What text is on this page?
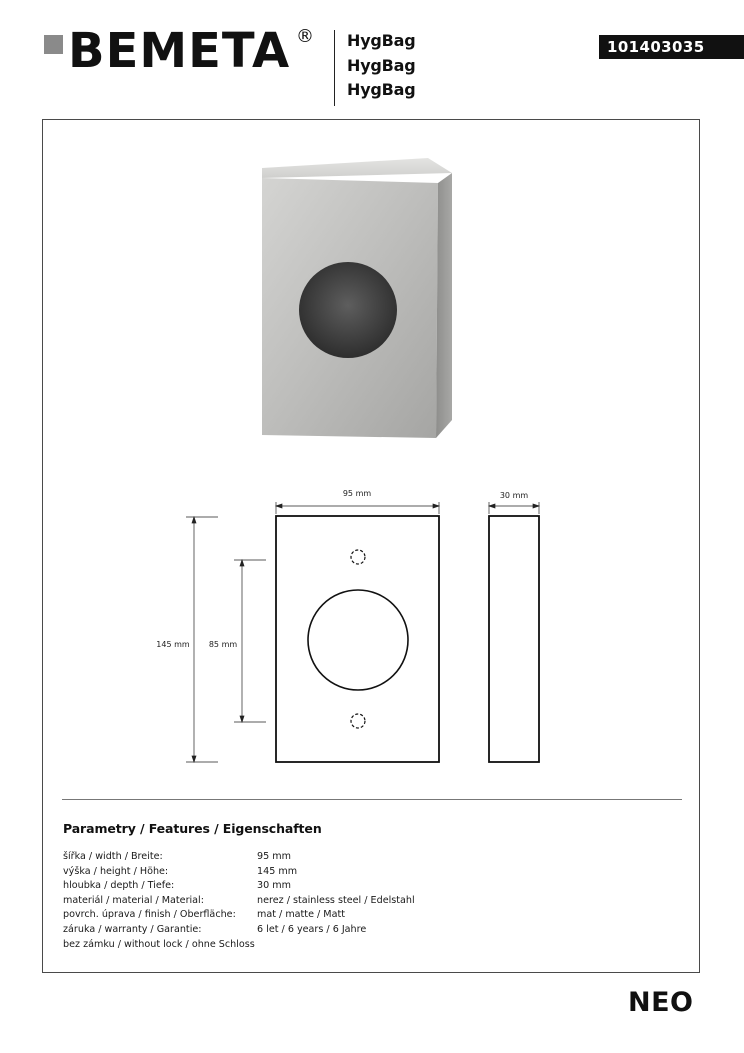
BEMETA ® HygBag
HygBag
HygBag
101403035
95 mm	30 mm
145 mm 85 mm
Parametry / Features / Eigenschaften
šířka / width / Breite:	95 mm
výška / height / Höhe:	145 mm
hloubka / depth / Tiefe:	30 mm
materiál / material / Material:	nerez / stainless steel / Edelstahl
povrch. úprava / finish / Oberfläche:	mat / matte / Matt
záruka / warranty / Garantie:	6 let / 6 years / 6 Jahre
bez zámku / without lock / ohne Schloss
NEO
